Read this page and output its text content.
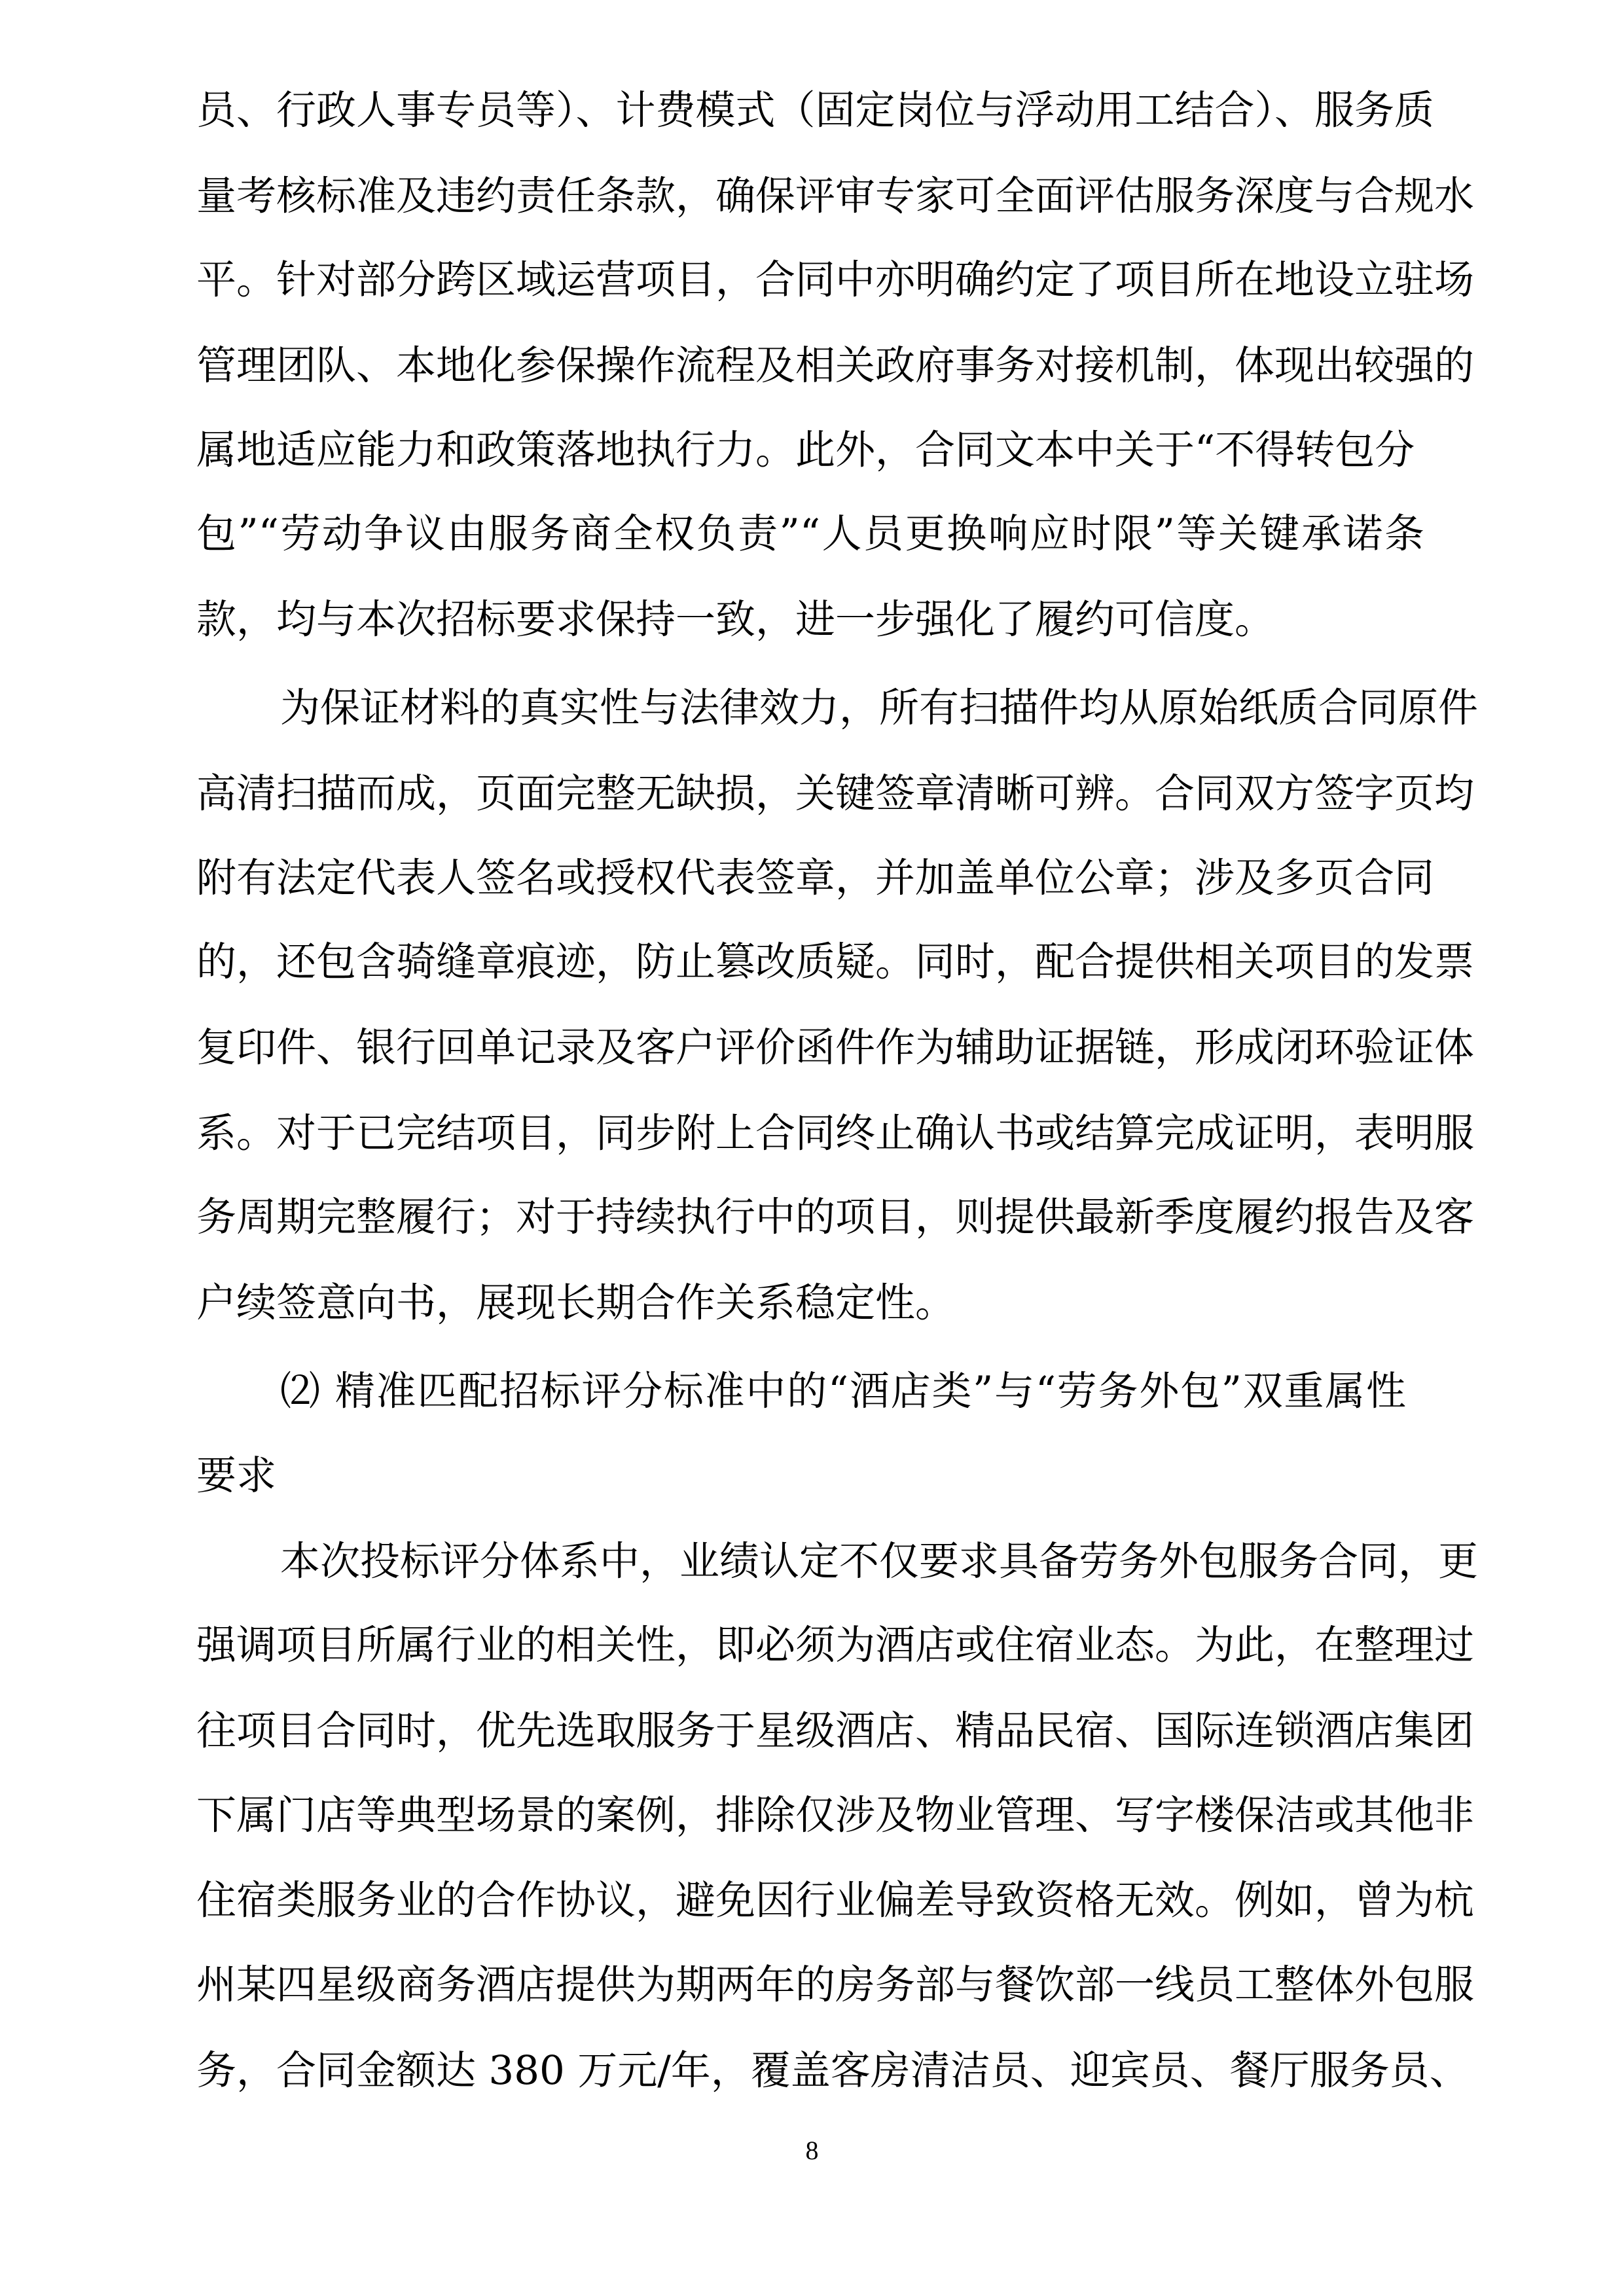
员、行政人事专员等）、计费模式（固定岗位与浮动用工结合）、服务质
量考核标准及违约责任条款，确保评审专家可全面评估服务深度与合规水
平。针对部分跨区域运营项目，合同中亦明确约定了项目所在地设立驻场
管理团队、本地化参保操作流程及相关政府事务对接机制，体现出较强的
属地适应能力和政策落地执行力。此外，合同文本中关于“不得转包分
包”“劳动争议由服务商全权负责”“人员更换响应时限”等关键承诺条
款，均与本次招标要求保持一致，进一步强化了履约可信度。
为保证材料的真实性与法律效力，所有扫描件均从原始纸质合同原件
高清扫描而成，页面完整无缺损，关键签章清晰可辨。合同双方签字页均
附有法定代表人签名或授权代表签章，并加盖单位公章；涉及多页合同
的，还包含骑缝章痕迹，防止篡改质疑。同时，配合提供相关项目的发票
复印件、银行回单记录及客户评价函件作为辅助证据链，形成闭环验证体
系。对于已完结项目，同步附上合同终止确认书或结算完成证明，表明服
务周期完整履行；对于持续执行中的项目，则提供最新季度履约报告及客
户续签意向书，展现长期合作关系稳定性。
⑵ 精准匹配招标评分标准中的“酒店类”与“劳务外包”双重属性
要求
本次投标评分体系中，业绩认定不仅要求具备劳务外包服务合同，更
强调项目所属行业的相关性，即必须为酒店或住宿业态。为此，在整理过
往项目合同时，优先选取服务于星级酒店、精品民宿、国际连锁酒店集团
下属门店等典型场景的案例，排除仅涉及物业管理、写字楼保洁或其他非
住宿类服务业的合作协议，避免因行业偏差导致资格无效。例如，曾为杭
州某四星级商务酒店提供为期两年的房务部与餐饮部一线员工整体外包服
务，合同金额达 380 万元/年，覆盖客房清洁员、迎宾员、餐厅服务员、
8
